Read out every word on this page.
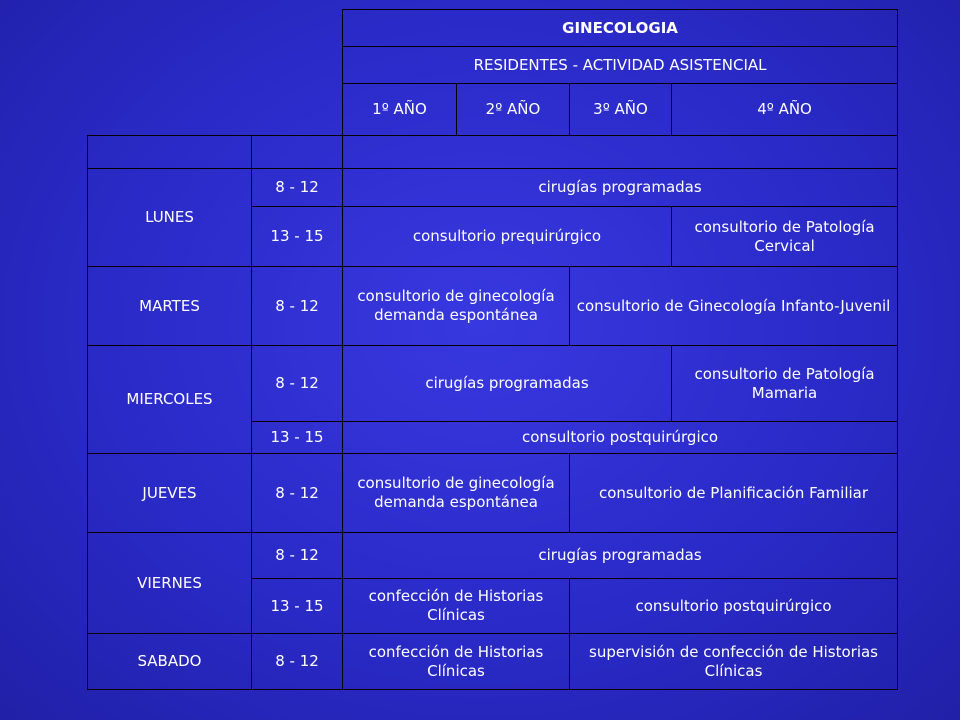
		GINECOLOGIA			
		RESIDENTES - ACTIVIDAD ASISTENCIAL			
		1º AÑO	2º AÑO	3º AÑO	4º AÑO

LUNES	8 - 12	cirugías programadas			
	13 - 15	consultorio prequirúrgico			consultorio de Patología Cervical
MARTES	8 - 12	consultorio de ginecología demanda espontánea		consultorio de Ginecología Infanto-Juvenil	
MIERCOLES	8 - 12	cirugías programadas			consultorio de Patología Mamaria
	13 - 15	consultorio postquirúrgico			
JUEVES	8 - 12	consultorio de ginecología demanda espontánea		consultorio de Planificación Familiar	
VIERNES	8 - 12	cirugías programadas			
	13 - 15	confección de Historias Clínicas		consultorio postquirúrgico	
SABADO	8 - 12	confección de Historias Clínicas		supervisión de confección de Historias Clínicas	
